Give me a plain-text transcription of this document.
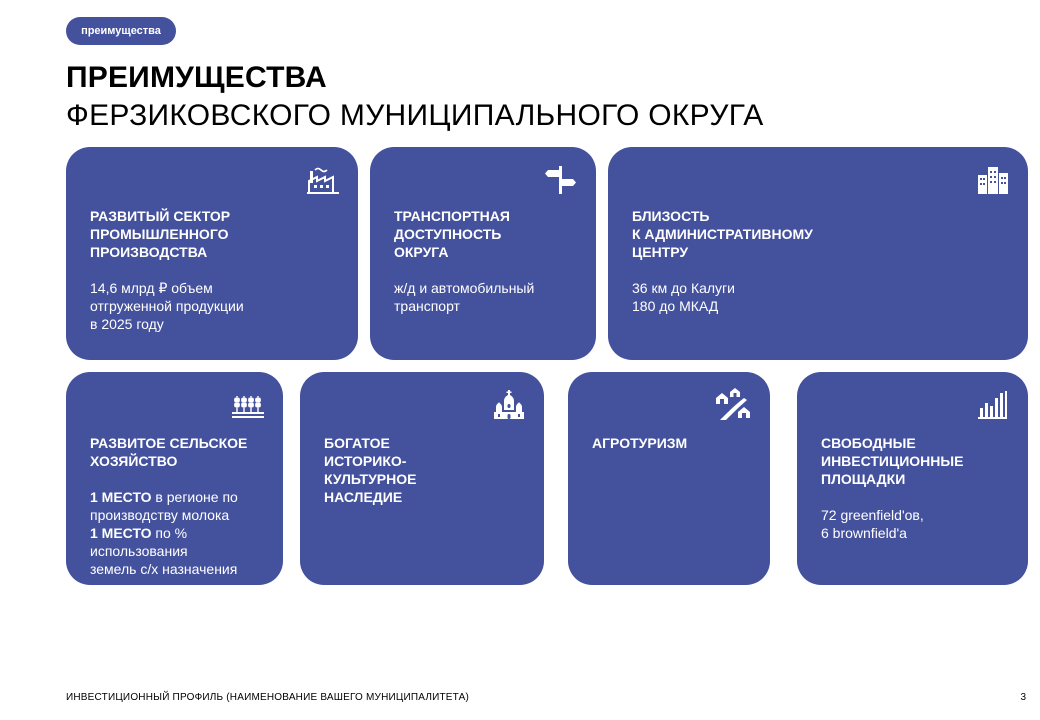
преимущества
ПРЕИМУЩЕСТВА
ФЕРЗИКОВСКОГО МУНИЦИПАЛЬНОГО ОКРУГА
РАЗВИТЫЙ СЕКТОР
ПРОМЫШЛЕННОГО
ПРОИЗВОДСТВА
14,6 млрд ₽ объем
отгруженной продукции
в 2025 году
ТРАНСПОРТНАЯ
ДОСТУПНОСТЬ
ОКРУГА
ж/д и автомобильный
транспорт
БЛИЗОСТЬ
К АДМИНИСТРАТИВНОМУ
ЦЕНТРУ
36 км до Калуги
180 до МКАД
РАЗВИТОЕ СЕЛЬСКОЕ
ХОЗЯЙСТВО
1 МЕСТО в регионе по
производству молока
1 МЕСТО по %
использования
земель с/х назначения
БОГАТОЕ
ИСТОРИКО-
КУЛЬТУРНОЕ
НАСЛЕДИЕ
АГРОТУРИЗМ	СВОБОДНЫЕ
ИНВЕСТИЦИОННЫЕ
ПЛОЩАДКИ
72 greenfield'ов,
6 brownfield'а
ИНВЕСТИЦИОННЫЙ ПРОФИЛЬ (НАИМЕНОВАНИЕ ВАШЕГО МУНИЦИПАЛИТЕТА)	3
